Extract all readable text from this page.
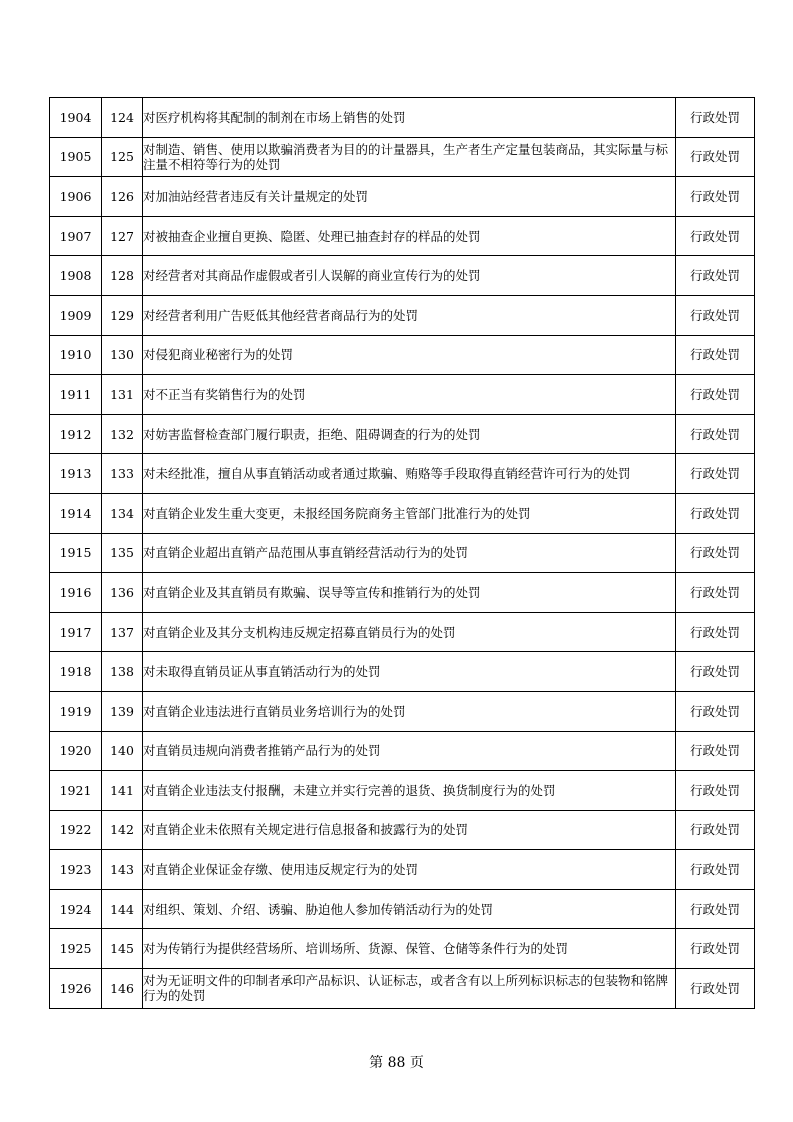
1904	124	对医疗机构将其配制的制剂在市场上销售的处罚	行政处罚
1905	125	对制造、销售、使用以欺骗消费者为目的的计量器具，生产者生产定量包装商品，其实际量与标注量不相符等行为的处罚	行政处罚
1906	126	对加油站经营者违反有关计量规定的处罚	行政处罚
1907	127	对被抽查企业擅自更换、隐匿、处理已抽查封存的样品的处罚	行政处罚
1908	128	对经营者对其商品作虚假或者引人误解的商业宣传行为的处罚	行政处罚
1909	129	对经营者利用广告贬低其他经营者商品行为的处罚	行政处罚
1910	130	对侵犯商业秘密行为的处罚	行政处罚
1911	131	对不正当有奖销售行为的处罚	行政处罚
1912	132	对妨害监督检查部门履行职责，拒绝、阻碍调查的行为的处罚	行政处罚
1913	133	对未经批准，擅自从事直销活动或者通过欺骗、贿赂等手段取得直销经营许可行为的处罚	行政处罚
1914	134	对直销企业发生重大变更，未报经国务院商务主管部门批准行为的处罚	行政处罚
1915	135	对直销企业超出直销产品范围从事直销经营活动行为的处罚	行政处罚
1916	136	对直销企业及其直销员有欺骗、误导等宣传和推销行为的处罚	行政处罚
1917	137	对直销企业及其分支机构违反规定招募直销员行为的处罚	行政处罚
1918	138	对未取得直销员证从事直销活动行为的处罚	行政处罚
1919	139	对直销企业违法进行直销员业务培训行为的处罚	行政处罚
1920	140	对直销员违规向消费者推销产品行为的处罚	行政处罚
1921	141	对直销企业违法支付报酬，未建立并实行完善的退货、换货制度行为的处罚	行政处罚
1922	142	对直销企业未依照有关规定进行信息报备和披露行为的处罚	行政处罚
1923	143	对直销企业保证金存缴、使用违反规定行为的处罚	行政处罚
1924	144	对组织、策划、介绍、诱骗、胁迫他人参加传销活动行为的处罚	行政处罚
1925	145	对为传销行为提供经营场所、培训场所、货源、保管、仓储等条件行为的处罚	行政处罚
1926	146	对为无证明文件的印制者承印产品标识、认证标志，或者含有以上所列标识标志的包装物和铭牌行为的处罚	行政处罚
第 88 页
